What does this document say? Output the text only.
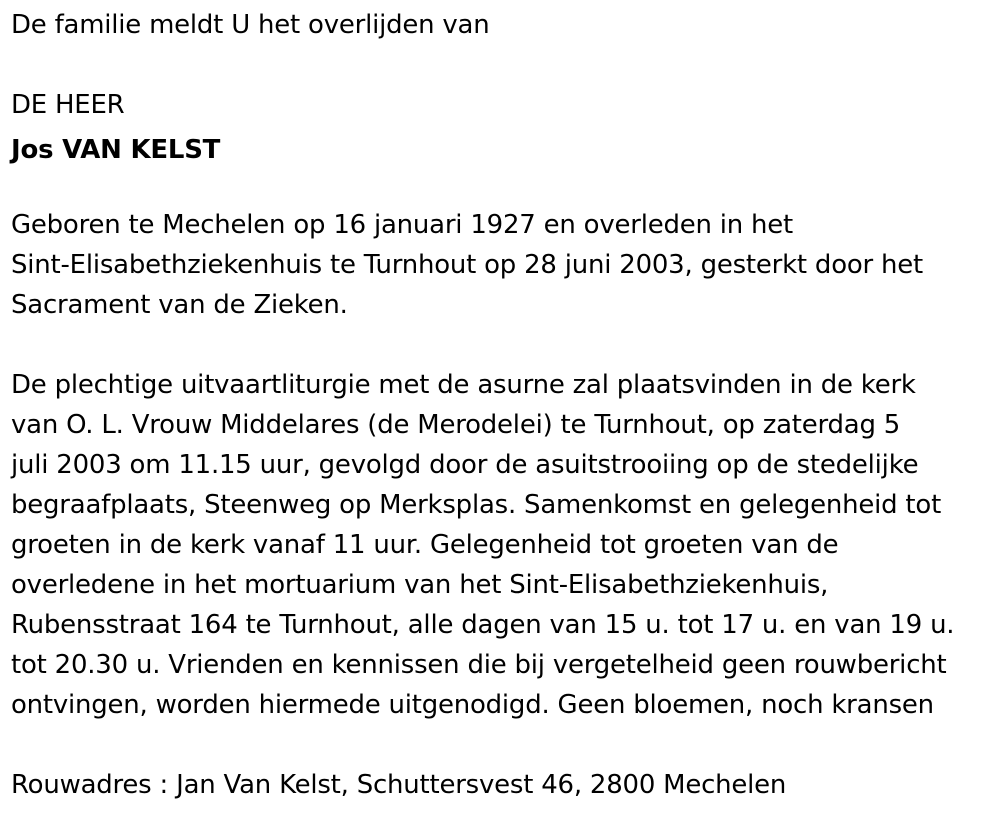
De familie meldt U het overlijden van
DE HEER
Jos VAN KELST
Geboren te Mechelen op 16 januari 1927 en overleden in het
Sint-Elisabethziekenhuis te Turnhout op 28 juni 2003, gesterkt door het
Sacrament van de Zieken.
De plechtige uitvaartliturgie met de asurne zal plaatsvinden in de kerk
van O. L. Vrouw Middelares (de Merodelei) te Turnhout, op zaterdag 5
juli 2003 om 11.15 uur, gevolgd door de asuitstrooiing op de stedelijke
begraafplaats, Steenweg op Merksplas. Samenkomst en gelegenheid tot
groeten in de kerk vanaf 11 uur. Gelegenheid tot groeten van de
overledene in het mortuarium van het Sint-Elisabethziekenhuis,
Rubensstraat 164 te Turnhout, alle dagen van 15 u. tot 17 u. en van 19 u.
tot 20.30 u. Vrienden en kennissen die bij vergetelheid geen rouwbericht
ontvingen, worden hiermede uitgenodigd. Geen bloemen, noch kransen
Rouwadres : Jan Van Kelst, Schuttersvest 46, 2800 Mechelen
